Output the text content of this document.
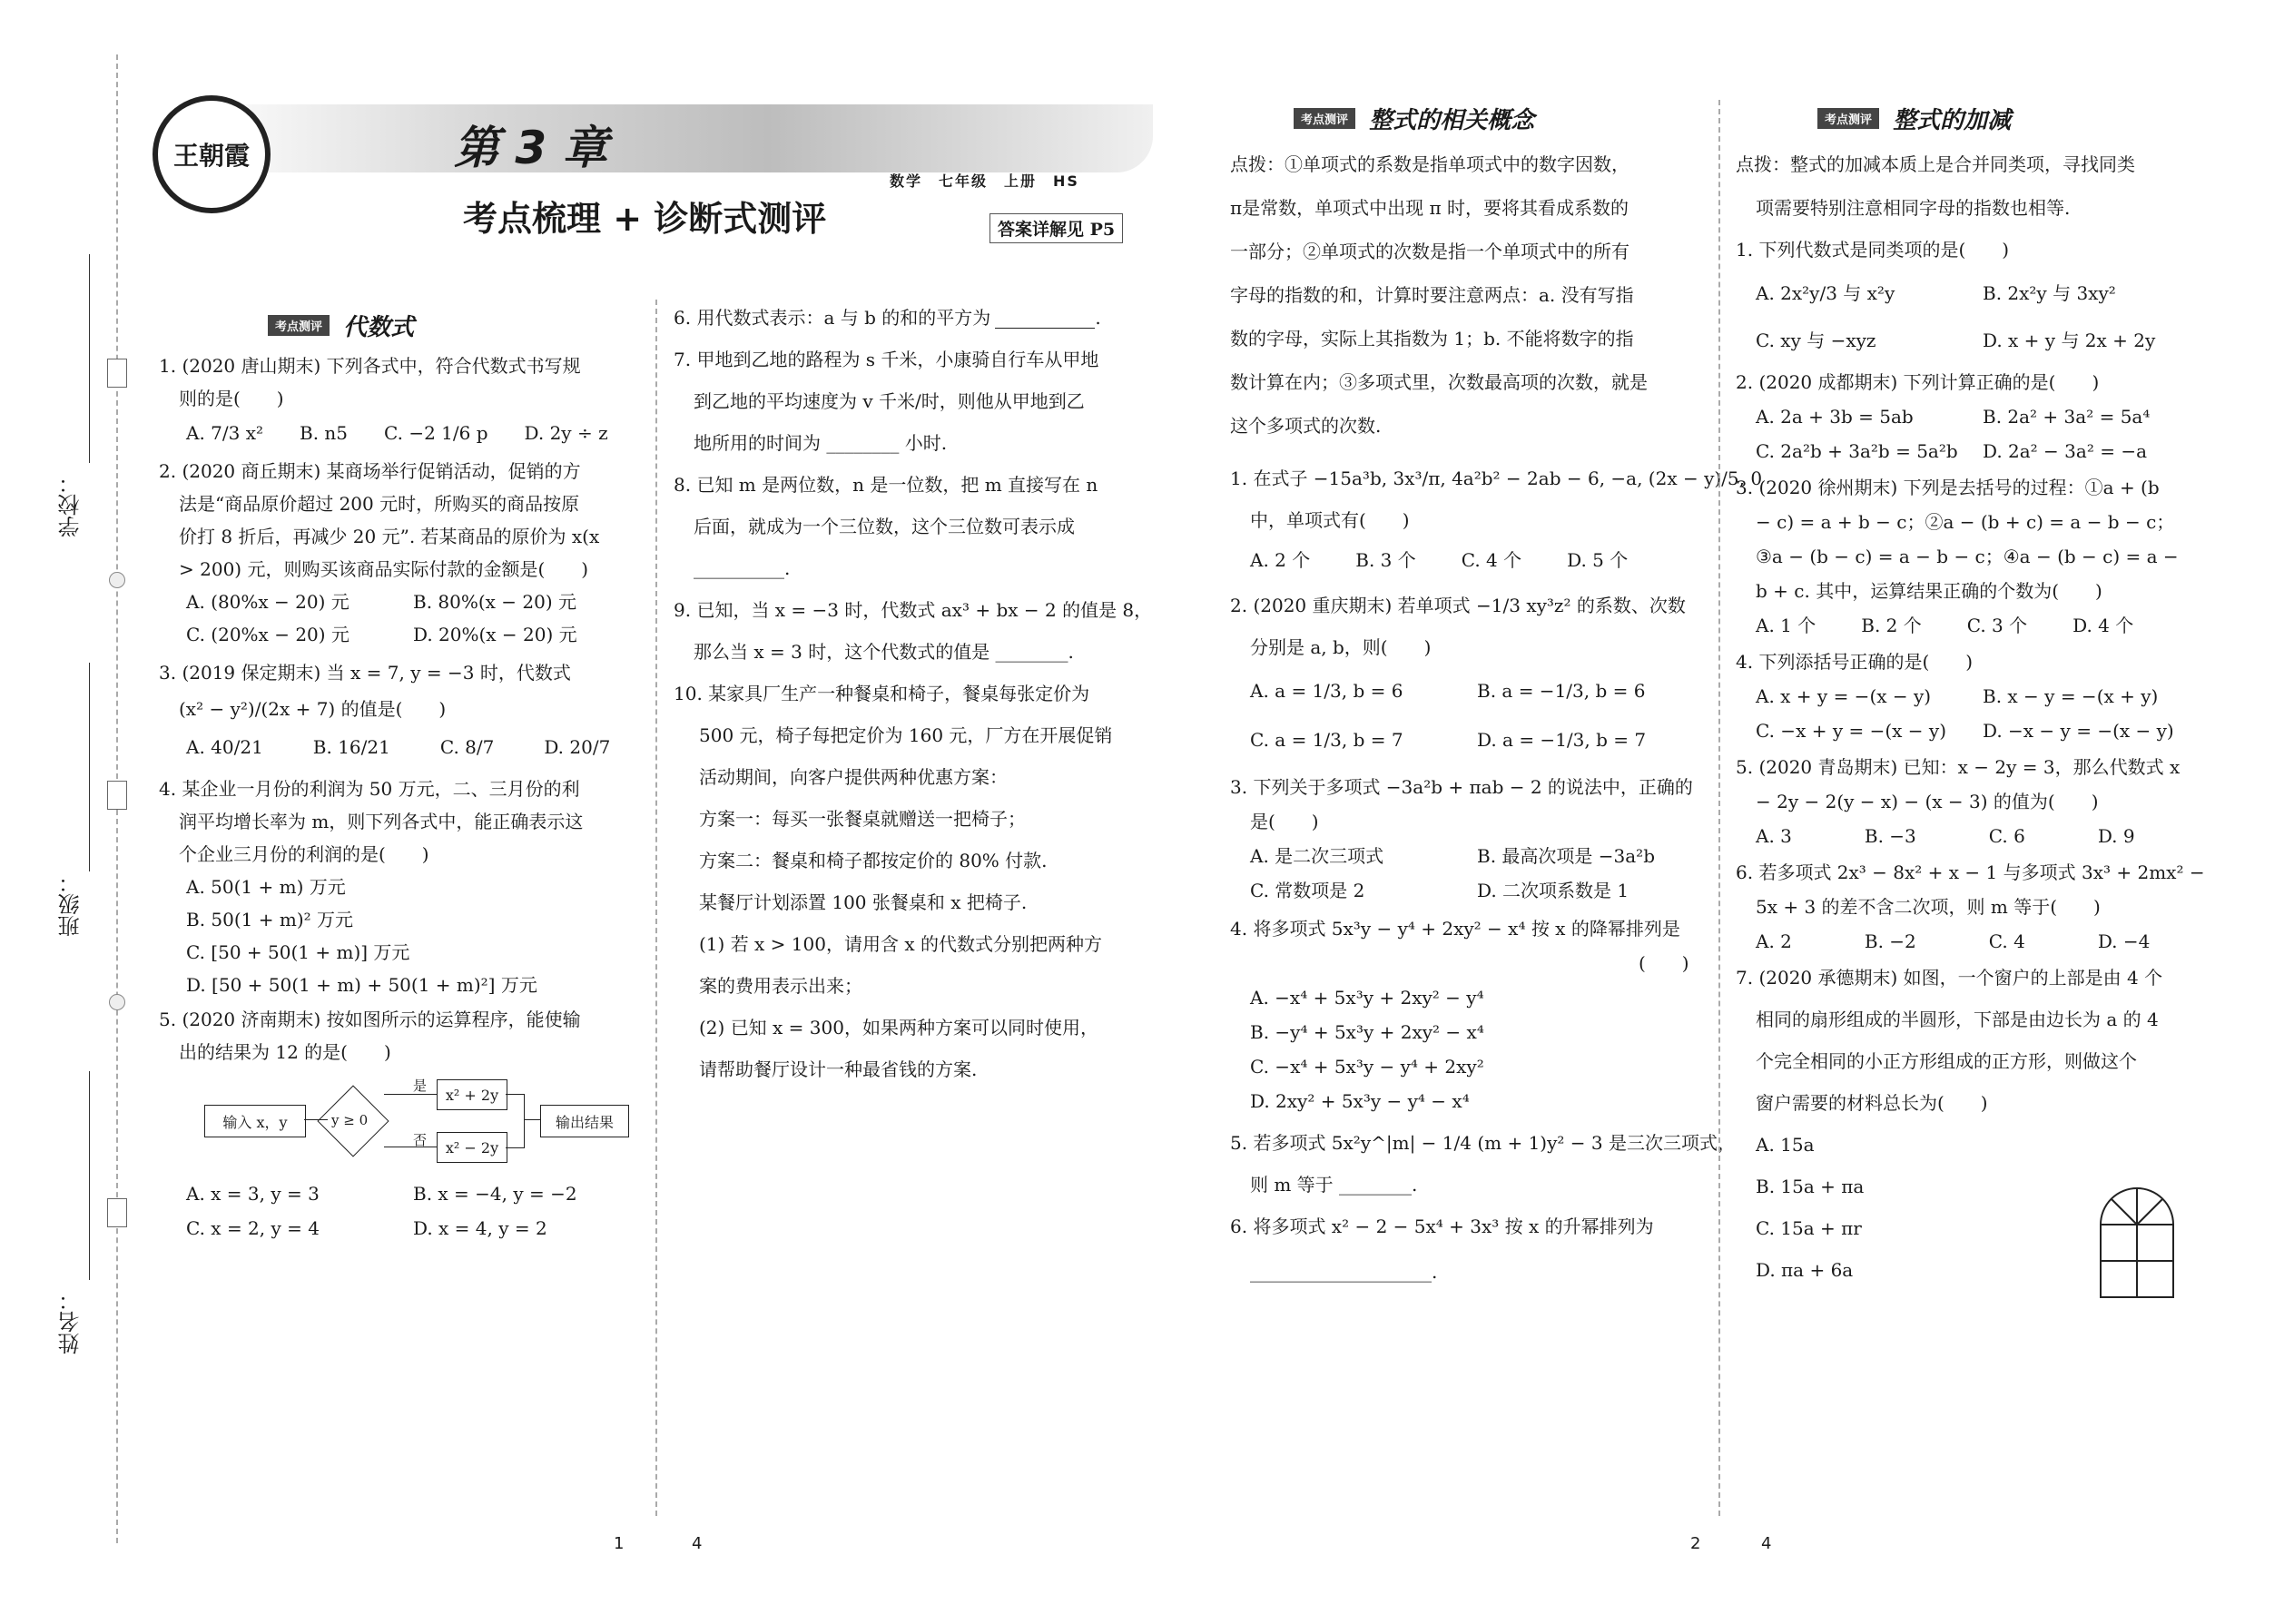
学校：
班级：
姓名：
王朝霞	第 3 章
考点梳理 + 诊断式测评
数学　七年级　上册　HS
答案详解见 P5
考点测评 代数式
1. (2020 唐山期末) 下列各式中，符合代数式书写规
则的是(　　)
A. 7/3 x² B. n5 C. −2 1/6 p D. 2y ÷ z
2. (2020 商丘期末) 某商场举行促销活动，促销的方
法是“商品原价超过 200 元时，所购买的商品按原
价打 8 折后，再减少 20 元”. 若某商品的原价为 x(x
> 200) 元，则购买该商品实际付款的金额是(　　)
A. (80%x − 20) 元	B. 80%(x − 20) 元
C. (20%x − 20) 元	D. 20%(x − 20) 元
3. (2019 保定期末) 当 x = 7, y = −3 时，代数式
(x² − y²)/(2x + 7) 的值是(　　)
A. 40/21	B. 16/21	C. 8/7	D. 20/7
4. 某企业一月份的利润为 50 万元，二、三月份的利
润平均增长率为 m，则下列各式中，能正确表示这
个企业三月份的利润的是(　　)
A. 50(1 + m) 万元
B. 50(1 + m)² 万元
C. [50 + 50(1 + m)] 万元
D. [50 + 50(1 + m) + 50(1 + m)²] 万元
5. (2020 济南期末) 按如图所示的运算程序，能使输
出的结果为 12 的是(　　)
输入 x，y	y ≥ 0
是
否
x² + 2y
x² − 2y
输出结果
A. x = 3, y = 3	B. x = −4, y = −2
C. x = 2, y = 4	D. x = 4, y = 2
6. 用代数式表示：a 与 b 的和的平方为	.
7. 甲地到乙地的路程为 s 千米，小康骑自行车从甲地
到乙地的平均速度为 v 千米/时，则他从甲地到乙
地所用的时间为 ________ 小时.
8. 已知 m 是两位数，n 是一位数，把 m 直接写在 n
后面，就成为一个三位数，这个三位数可表示成
__________.
9. 已知，当 x = −3 时，代数式 ax³ + bx − 2 的值是 8，
那么当 x = 3 时，这个代数式的值是 ________.
10. 某家具厂生产一种餐桌和椅子，餐桌每张定价为
500 元，椅子每把定价为 160 元，厂方在开展促销
活动期间，向客户提供两种优惠方案：
方案一：每买一张餐桌就赠送一把椅子；
方案二：餐桌和椅子都按定价的 80% 付款.
某餐厅计划添置 100 张餐桌和 x 把椅子.
(1) 若 x > 100，请用含 x 的代数式分别把两种方
案的费用表示出来；
(2) 已知 x = 300，如果两种方案可以同时使用，
请帮助餐厅设计一种最省钱的方案.
1	4
考点测评 整式的相关概念
点拨：①单项式的系数是指单项式中的数字因数，
π是常数，单项式中出现 π 时，要将其看成系数的
一部分；②单项式的次数是指一个单项式中的所有
字母的指数的和，计算时要注意两点：a. 没有写指
数的字母，实际上其指数为 1；b. 不能将数字的指
数计算在内；③多项式里，次数最高项的次数，就是
这个多项式的次数.
1. 在式子 −15a³b, 3x³/π, 4a²b² − 2ab − 6, −a, (2x − y)/5, 0
中，单项式有(　　)
A. 2 个	B. 3 个	C. 4 个	D. 5 个
2. (2020 重庆期末) 若单项式 −1/3 xy³z² 的系数、次数
分别是 a, b，则(　　)
A. a = 1/3, b = 6	B. a = −1/3, b = 6
C. a = 1/3, b = 7	D. a = −1/3, b = 7
3. 下列关于多项式 −3a²b + πab − 2 的说法中，正确的
是(　　)
A. 是二次三项式	B. 最高次项是 −3a²b
C. 常数项是 2	D. 二次项系数是 1
4. 将多项式 5x³y − y⁴ + 2xy² − x⁴ 按 x 的降幂排列是
(　　)
A. −x⁴ + 5x³y + 2xy² − y⁴
B. −y⁴ + 5x³y + 2xy² − x⁴
C. −x⁴ + 5x³y − y⁴ + 2xy²
D. 2xy² + 5x³y − y⁴ − x⁴
5. 若多项式 5x²y^|m| − 1/4 (m + 1)y² − 3 是三次三项式，
则 m 等于 ________.
6. 将多项式 x² − 2 − 5x⁴ + 3x³ 按 x 的升幂排列为
____________________.
考点测评 整式的加减
点拨：整式的加减本质上是合并同类项，寻找同类
项需要特别注意相同字母的指数也相等.
1. 下列代数式是同类项的是(　　)
A. 2x²y/3 与 x²y	B. 2x²y 与 3xy²
C. xy 与 −xyz	D. x + y 与 2x + 2y
2. (2020 成都期末) 下列计算正确的是(　　)
A. 2a + 3b = 5ab	B. 2a² + 3a² = 5a⁴
C. 2a²b + 3a²b = 5a²b	D. 2a² − 3a² = −a
3. (2020 徐州期末) 下列是去括号的过程：①a + (b
− c) = a + b − c；②a − (b + c) = a − b − c；
③a − (b − c) = a − b − c；④a − (b − c) = a −
b + c. 其中，运算结果正确的个数为(　　)
A. 1 个	B. 2 个	C. 3 个	D. 4 个
4. 下列添括号正确的是(　　)
A. x + y = −(x − y)	B. x − y = −(x + y)
C. −x + y = −(x − y)	D. −x − y = −(x − y)
5. (2020 青岛期末) 已知：x − 2y = 3，那么代数式 x
− 2y − 2(y − x) − (x − 3) 的值为(　　)
A. 3	B. −3	C. 6	D. 9
6. 若多项式 2x³ − 8x² + x − 1 与多项式 3x³ + 2mx² −
5x + 3 的差不含二次项，则 m 等于(　　)
A. 2	B. −2	C. 4	D. −4
7. (2020 承德期末) 如图，一个窗户的上部是由 4 个
相同的扇形组成的半圆形，下部是由边长为 a 的 4
个完全相同的小正方形组成的正方形，则做这个
窗户需要的材料总长为(　　)
A. 15a
B. 15a + πa
C. 15a + πr
D. πa + 6a
2	4
